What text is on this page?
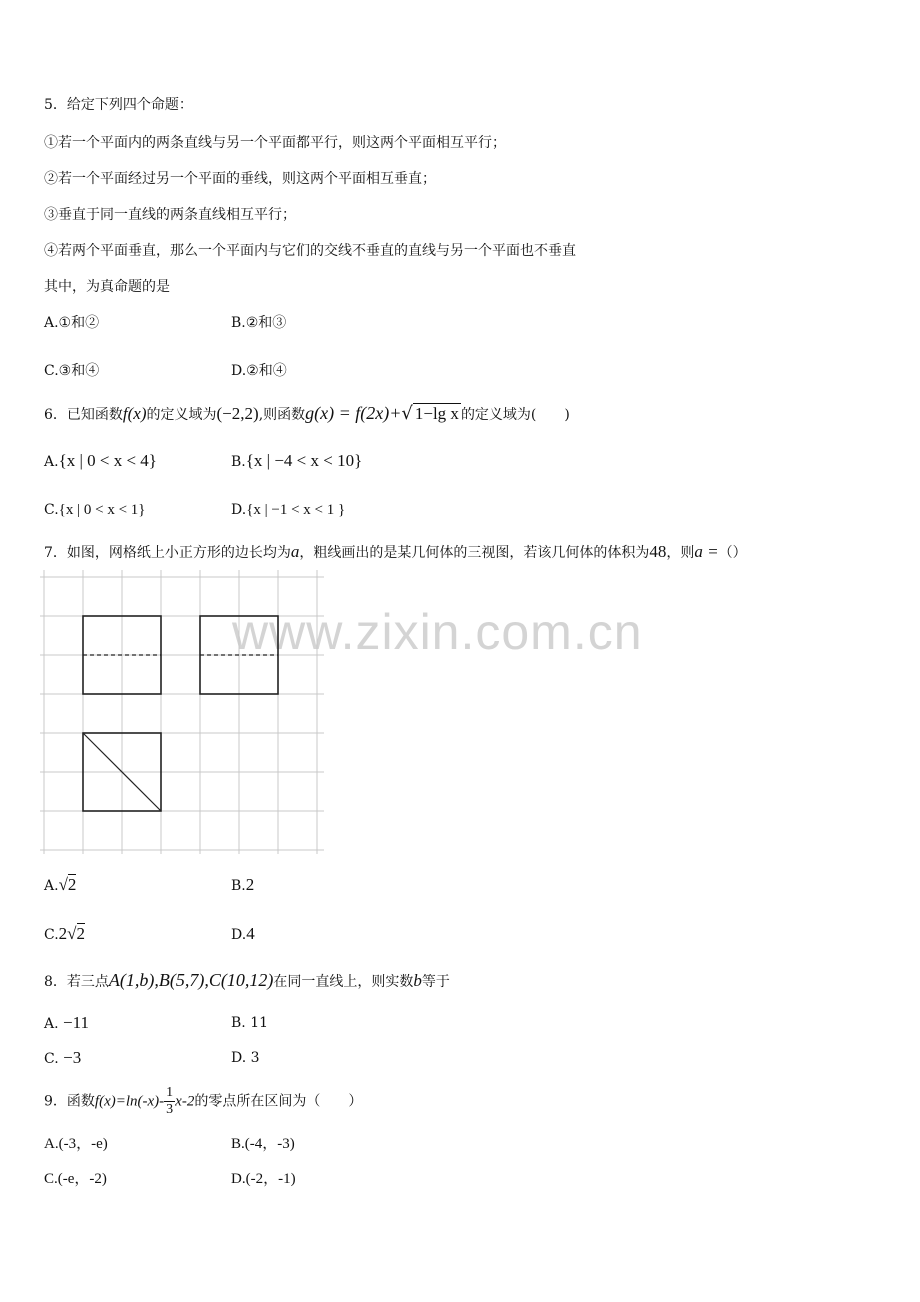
www.zixin.com.cn
5．给定下列四个命题：
①若一个平面内的两条直线与另一个平面都平行，则这两个平面相互平行；
②若一个平面经过另一个平面的垂线，则这两个平面相互垂直；
③垂直于同一直线的两条直线相互平行；
④若两个平面垂直，那么一个平面内与它们的交线不垂直的直线与另一个平面也不垂直
其中，为真命题的是
A.①和②	B.②和③
C.③和④	D.②和④
6．已知函数f(x)的定义域为(−2,2),则函数g(x) = f(2x)+√ 1−lg x 的定义域为(　　)
A.{x | 0 < x < 4}	B.{x | −4 < x < 10}
C.{x | 0 < x < 1}	D.{x | −1 < x < 1 }
7．如图，网格纸上小正方形的边长均为a，粗线画出的是某几何体的三视图，若该几何体的体积为48，则a =（）
A.√2	B.2
C.2√2	D.4
8．若三点A(1,b),B(5,7),C(10,12)在同一直线上，则实数b等于
A. −11	B. 11
C. −3	D. 3
9．函数$f(x)=\ln(-x)- \frac{1}{3} x-2$的零点所在区间为（　　）
A.(-3，-e)	B.(-4，-3)
C.(-e，-2)	D.(-2，-1)
